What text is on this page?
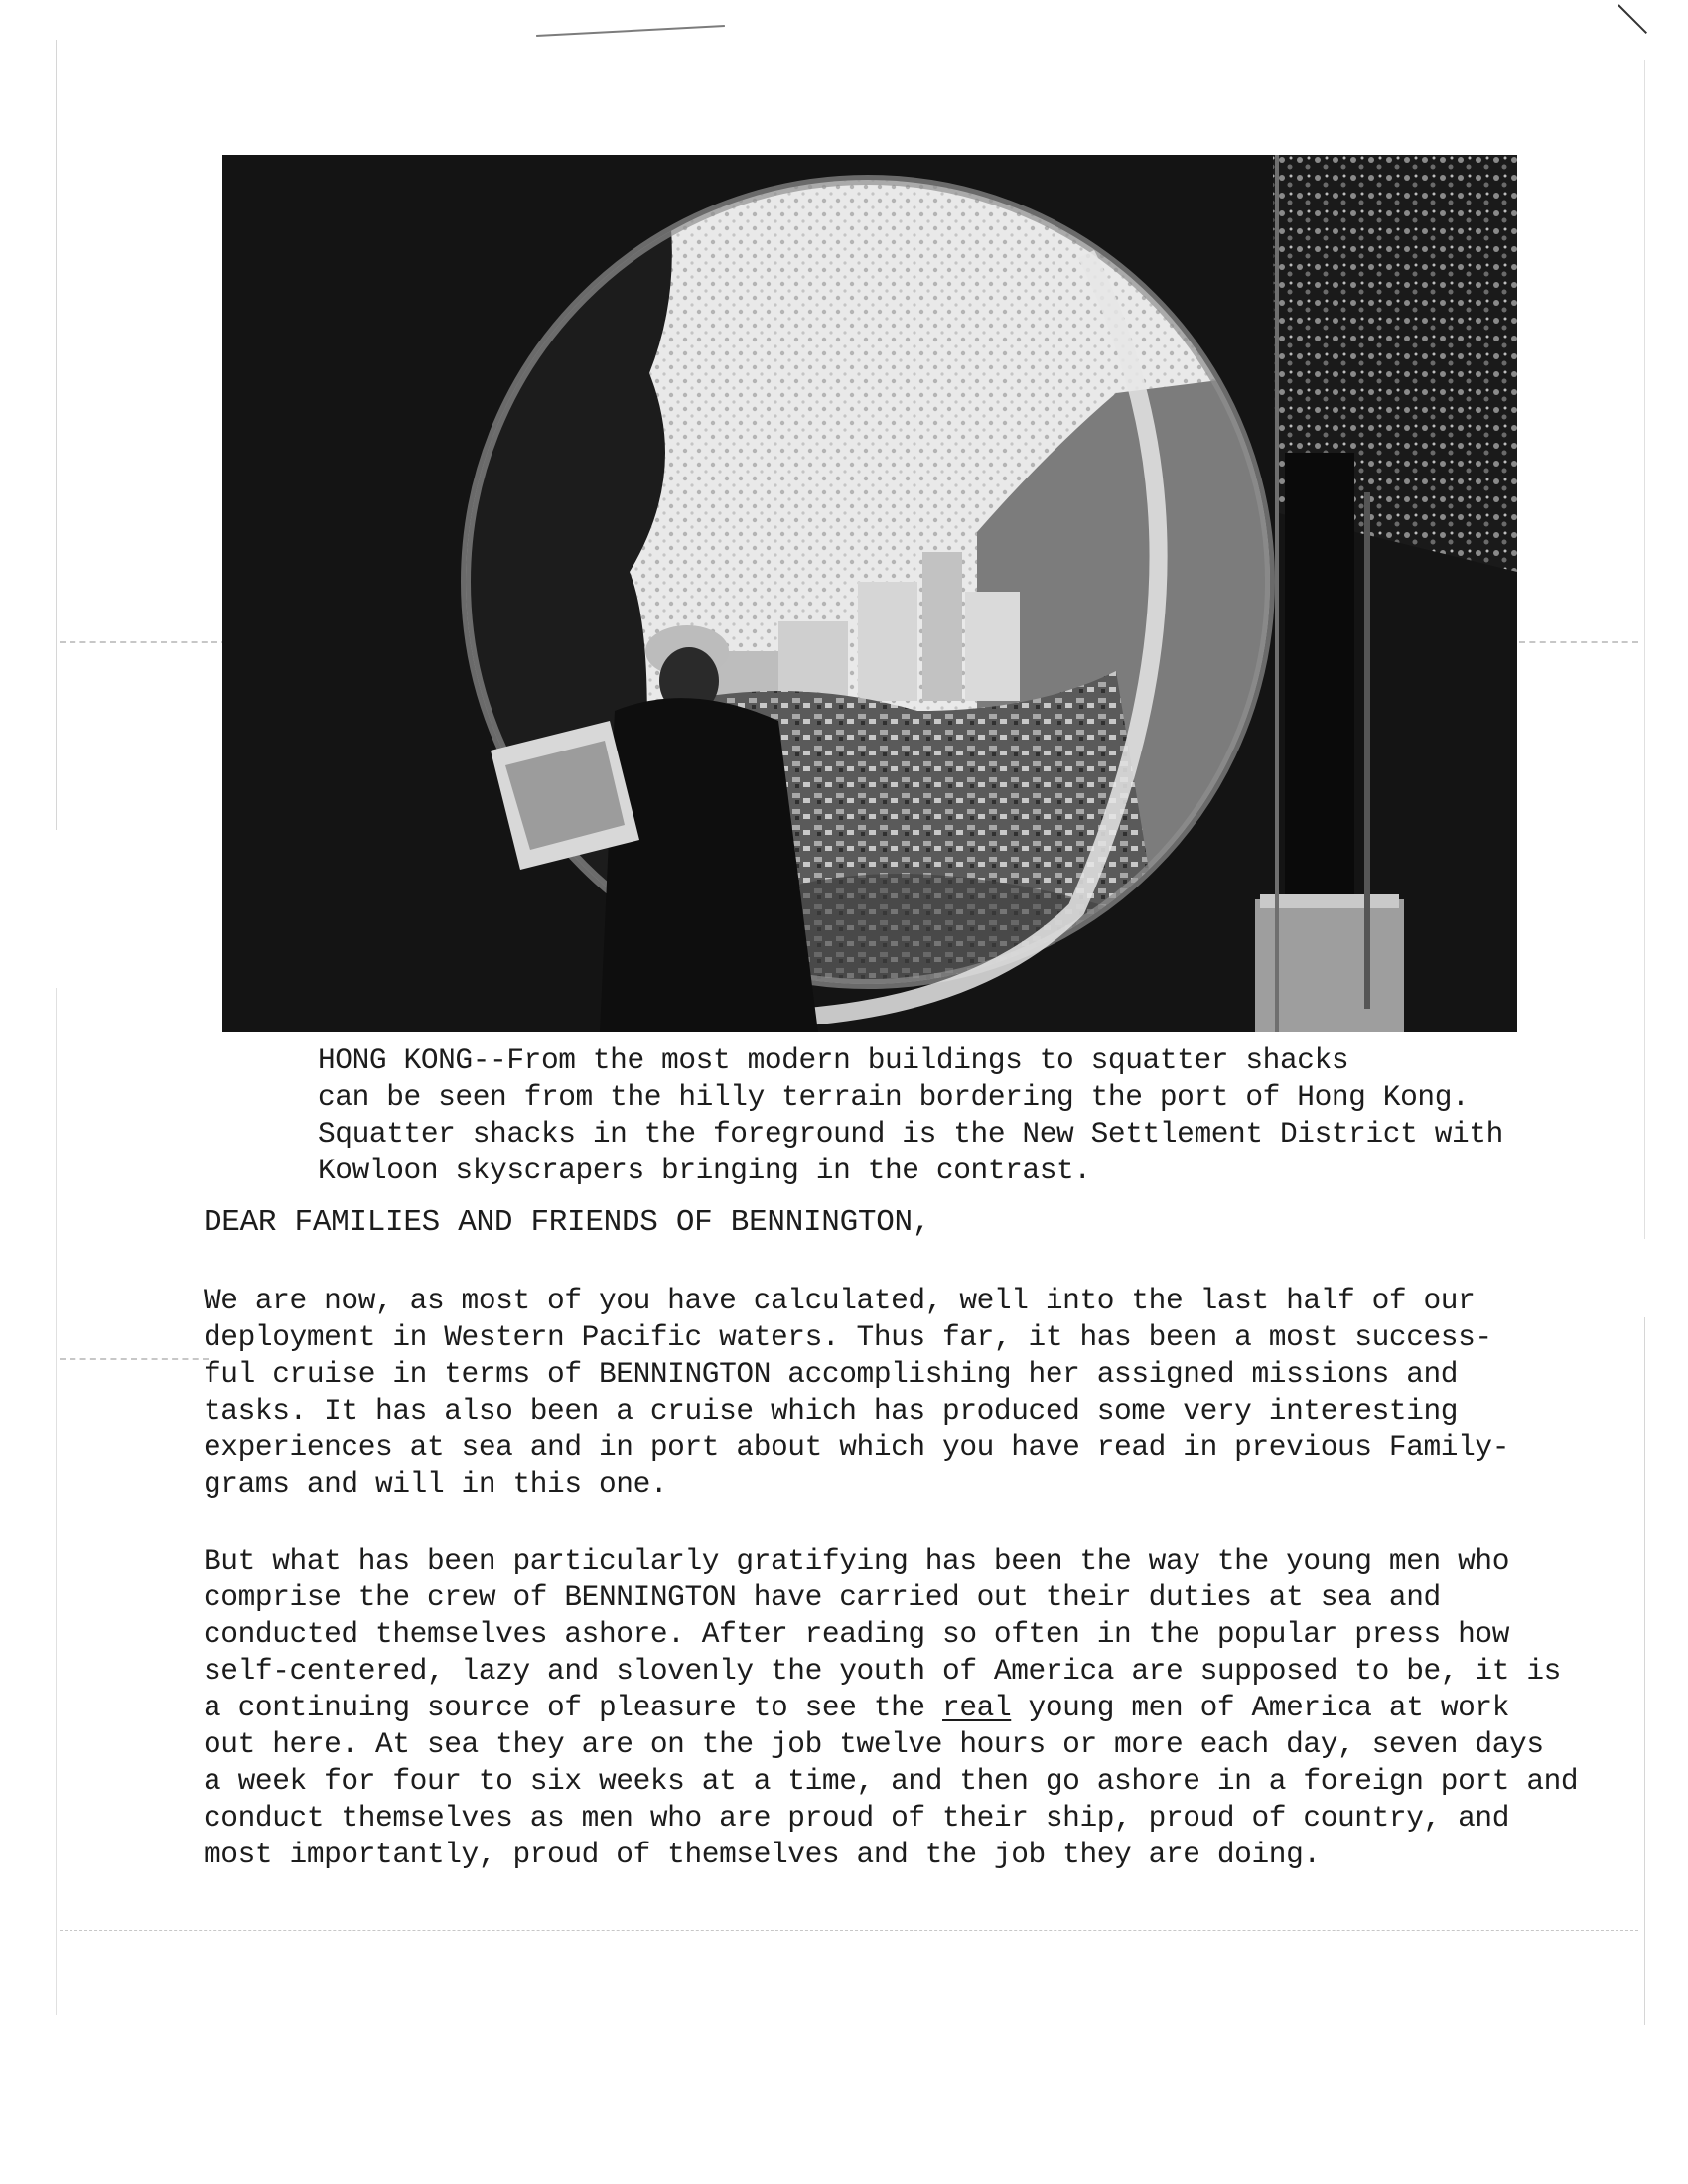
HONG KONG--From the most modern buildings to squatter shacks
can be seen from the hilly terrain bordering the port of Hong Kong.
Squatter shacks in the foreground is the New Settlement District with
Kowloon skyscrapers bringing in the contrast.
DEAR FAMILIES AND FRIENDS OF BENNINGTON,
We are now, as most of you have calculated, well into the last half of our
deployment in Western Pacific waters. Thus far, it has been a most success-
ful cruise in terms of BENNINGTON accomplishing her assigned missions and
tasks. It has also been a cruise which has produced some very interesting
experiences at sea and in port about which you have read in previous Family-
grams and will in this one.
But what has been particularly gratifying has been the way the young men who
comprise the crew of BENNINGTON have carried out their duties at sea and
conducted themselves ashore. After reading so often in the popular press how
self-centered, lazy and slovenly the youth of America are supposed to be, it is
a continuing source of pleasure to see the real young men of America at work
out here. At sea they are on the job twelve hours or more each day, seven days
a week for four to six weeks at a time, and then go ashore in a foreign port and
conduct themselves as men who are proud of their ship, proud of country, and
most importantly, proud of themselves and the job they are doing.
